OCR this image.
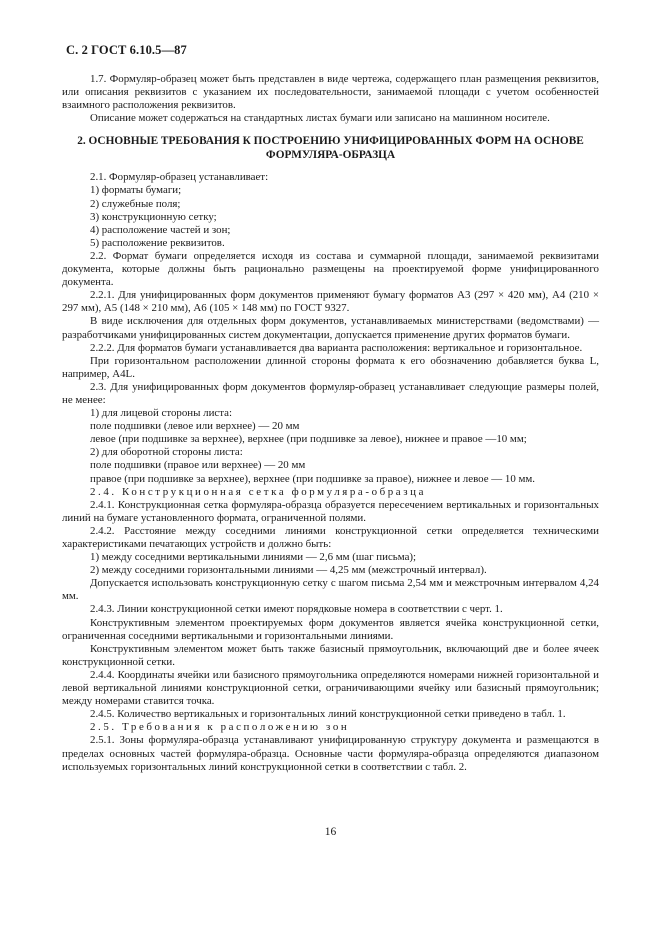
С. 2 ГОСТ 6.10.5—87
1.7. Формуляр-образец может быть представлен в виде чертежа, содержащего план размещения реквизитов, или описания реквизитов с указанием их последовательности, занимаемой площади с учетом особенностей взаимного расположения реквизитов.
Описание может содержаться на стандартных листах бумаги или записано на машинном носителе.
2. ОСНОВНЫЕ ТРЕБОВАНИЯ К ПОСТРОЕНИЮ УНИФИЦИРОВАННЫХ ФОРМ НА ОСНОВЕ ФОРМУЛЯРА-ОБРАЗЦА
2.1. Формуляр-образец устанавливает:
1) форматы бумаги;
2) служебные поля;
3) конструкционную сетку;
4) расположение частей и зон;
5) расположение реквизитов.
2.2. Формат бумаги определяется исходя из состава и суммарной площади, занимаемой реквизитами документа, которые должны быть рационально размещены на проектируемой форме унифицированного документа.
2.2.1. Для унифицированных форм документов применяют бумагу форматов А3 (297 × 420 мм), А4 (210 × 297 мм), А5 (148 × 210 мм), А6 (105 × 148 мм) по ГОСТ 9327.
В виде исключения для отдельных форм документов, устанавливаемых министерствами (ведомствами) — разработчиками унифицированных систем документации, допускается применение других форматов бумаги.
2.2.2. Для форматов бумаги устанавливается два варианта расположения: вертикальное и горизонтальное.
При горизонтальном расположении длинной стороны формата к его обозначению добавляется буква L, например, А4L.
2.3. Для унифицированных форм документов формуляр-образец устанавливает следующие размеры полей, не менее:
1) для лицевой стороны листа:
поле подшивки (левое или верхнее) — 20 мм
левое (при подшивке за верхнее), верхнее (при подшивке за левое), нижнее и правое —10 мм;
2) для оборотной стороны листа:
поле подшивки (правое или верхнее) — 20 мм
правое (при подшивке за верхнее), верхнее (при подшивке за правое), нижнее и левое — 10 мм.
2.4. Конструкционная сетка формуляра-образца
2.4.1. Конструкционная сетка формуляра-образца образуется пересечением вертикальных и горизонтальных линий на бумаге установленного формата, ограниченной полями.
2.4.2. Расстояние между соседними линиями конструкционной сетки определяется техническими характеристиками печатающих устройств и должно быть:
1) между соседними вертикальными линиями — 2,6 мм (шаг письма);
2) между соседними горизонтальными линиями — 4,25 мм (межстрочный интервал).
Допускается использовать конструкционную сетку с шагом письма 2,54 мм и межстрочным интервалом 4,24 мм.
2.4.3. Линии конструкционной сетки имеют порядковые номера в соответствии с черт. 1.
Конструктивным элементом проектируемых форм документов является ячейка конструкционной сетки, ограниченная соседними вертикальными и горизонтальными линиями.
Конструктивным элементом может быть также базисный прямоугольник, включающий две и более ячеек конструкционной сетки.
2.4.4. Координаты ячейки или базисного прямоугольника определяются номерами нижней горизонтальной и левой вертикальной линиями конструкционной сетки, ограничивающими ячейку или базисный прямоугольник; между номерами ставится точка.
2.4.5. Количество вертикальных и горизонтальных линий конструкционной сетки приведено в табл. 1.
2.5. Требования к расположению зон
2.5.1. Зоны формуляра-образца устанавливают унифицированную структуру документа и размещаются в пределах основных частей формуляра-образца. Основные части формуляра-образца определяются диапазоном используемых горизонтальных линий конструкционной сетки в соответствии с табл. 2.
16
